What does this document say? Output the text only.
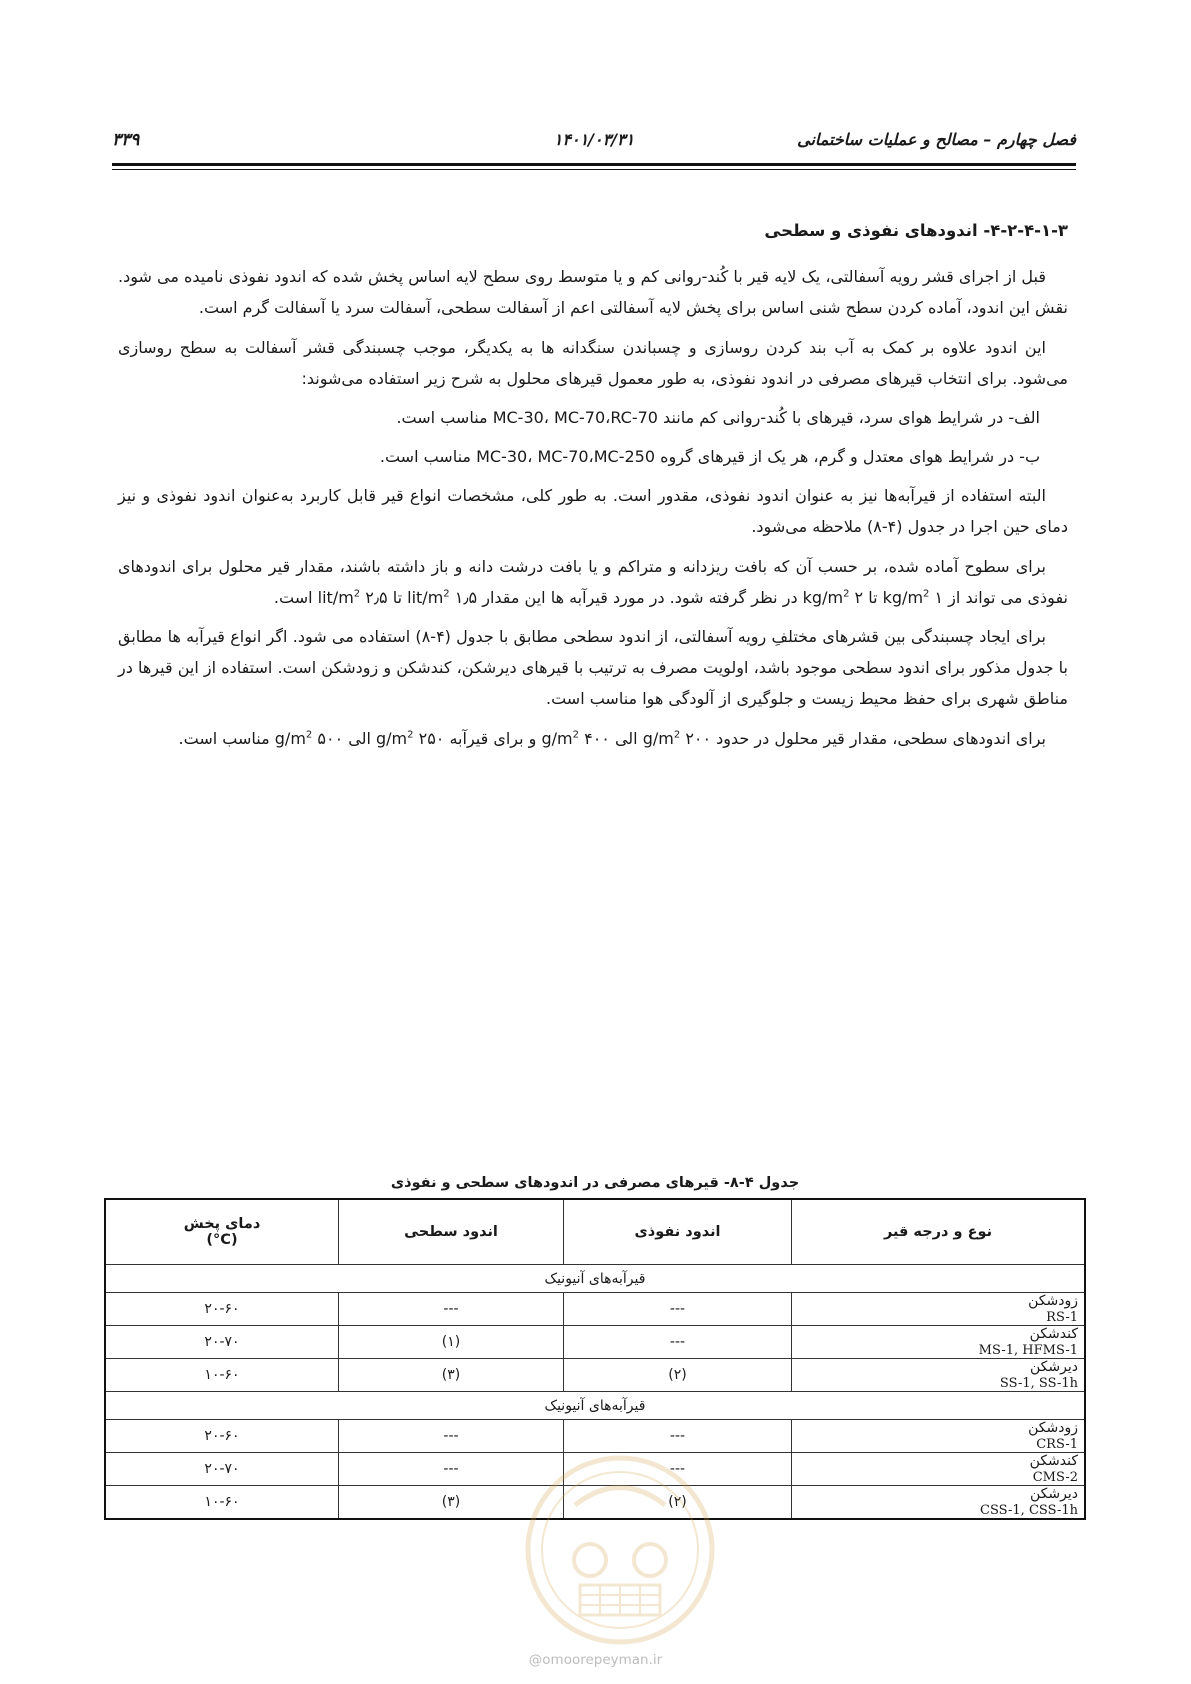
فصل چهارم – مصالح و عملیات ساختمانی
۱۴۰۱/۰۳/۳۱
۳۳۹
۴-۲-۴-۱-۳- اندودهای نفوذی و سطحی

قبل از اجرای قشر رویه آسفالتی، یک لایه قیر با کُند-روانی کم و یا متوسط روی سطح لایه اساس پخش شده که اندود نفوذی نامیده می شود. نقش این اندود، آماده کردن سطح شنی اساس برای پخش لایه آسفالتی اعم از آسفالت سطحی، آسفالت سرد یا آسفالت گرم است.

این اندود علاوه بر کمک به آب بند کردن روسازی و چسباندن سنگدانه ها به یکدیگر، موجب چسبندگی قشر آسفالت به سطح روسازی می‌شود. برای انتخاب قیرهای مصرفی در اندود نفوذی، به طور معمول قیرهای محلول به شرح زیر استفاده می‌شوند:

الف- در شرایط هوای سرد، قیرهای با کُند-روانی کم مانند MC-30، MC-70،RC-70 مناسب است.

ب- در شرایط هوای معتدل و گرم، هر یک از قیرهای گروه MC-30، MC-70،MC-250 مناسب است.

البته استفاده از قیرآبه‌ها نیز به عنوان اندود نفوذی، مقدور است. به طور کلی، مشخصات انواع قیر قابل کاربرد به‌عنوان اندود نفوذی و نیز دمای حین اجرا در جدول (۴-۸) ملاحظه می‌شود.

برای سطوح آماده شده، بر حسب آن که بافت ریزدانه و متراکم و یا بافت درشت دانه و باز داشته باشند، مقدار قیر محلول برای اندودهای نفوذی می تواند از ۱ $kg/m^2$ تا ۲ $kg/m^2$ در نظر گرفته شود. در مورد قیرآبه ها این مقدار lit/$m^2$ ۱٫۵ تا ۲٫۵ lit/$m^2$ است.

برای ایجاد چسبندگی بین قشرهای مختلفِ رویه آسفالتی، از اندود سطحی مطابق با جدول (۴-۸) استفاده می شود. اگر انواع قیرآبه ها مطابق با جدول مذکور برای اندود سطحی موجود باشد، اولویت مصرف به ترتیب با قیرهای دیرشکن، کندشکن و زودشکن است. استفاده از این قیرها در مناطق شهری برای حفظ محیط زیست و جلوگیری از آلودگی هوا مناسب است.

برای اندودهای سطحی، مقدار قیر محلول در حدود ۲۰۰ $g/m^2$ الی ۴۰۰ $g/m^2$ و برای قیرآبه ۲۵۰ $g/m^2$ الی ۵۰۰ $g/m^2$ مناسب است.

جدول ۴-۸- قیرهای مصرفی در اندودهای سطحی و نفوذی
نوع و درجه قیر	اندود نفوذی	اندود سطحی	دمای پخش
(C°)
قیرآبه‌های آنیونیک			
زودشکنRS-1	---	---	۲۰-۶۰
کندشکنMS-1, HFMS-1	---	(۱)	۲۰-۷۰
دیرشکنSS-1, SS-1h	(۲)	(۳)	۱۰-۶۰
قیرآبه‌های آنیونیک			
زودشکنCRS-1	---	---	۲۰-۶۰
کندشکنCMS-2	---	---	۲۰-۷۰
دیرشکنCSS-1, CSS-1h	(۲)	(۳)	۱۰-۶۰
@omoorepeyman.ir
